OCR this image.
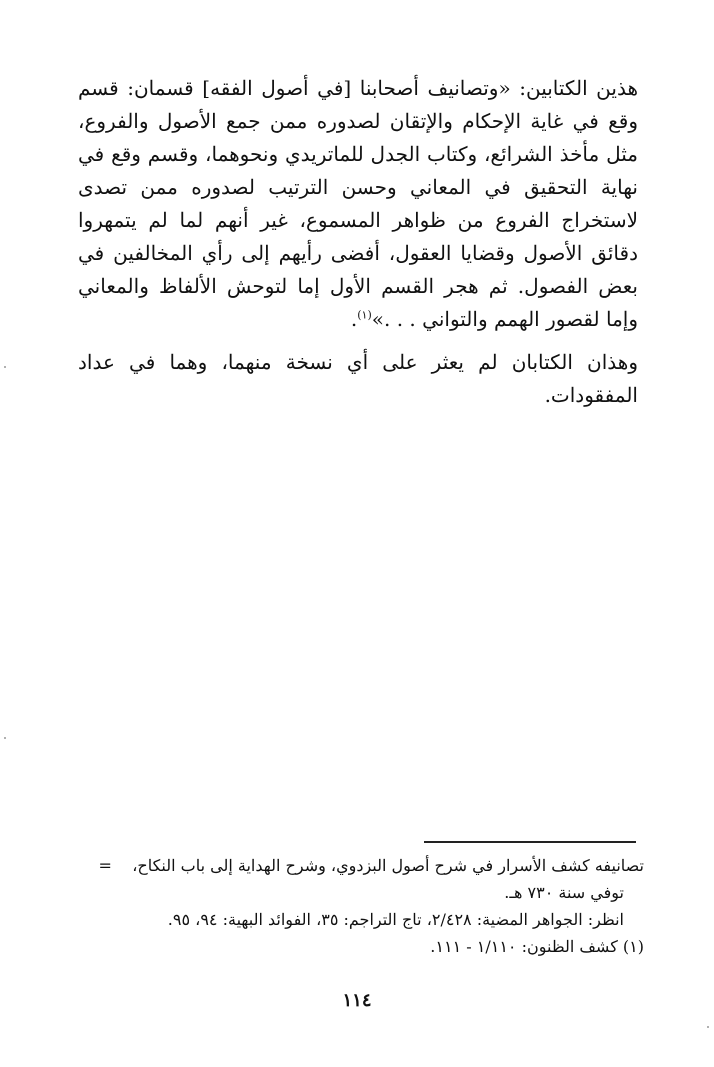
هذين الكتابين: «وتصانيف أصحابنا [في أصول الفقه] قسمان: قسم وقع في غاية الإحكام والإتقان لصدوره ممن جمع الأصول والفروع، مثل مأخذ الشرائع، وكتاب الجدل للماتريدي ونحوهما، وقسم وقع في نهاية التحقيق في المعاني وحسن الترتيب لصدوره ممن تصدى لاستخراج الفروع من ظواهر المسموع، غير أنهم لما لم يتمهروا دقائق الأصول وقضايا العقول، أفضى رأيهم إلى رأي المخالفين في بعض الفصول. ثم هجر القسم الأول إما لتوحش الألفاظ والمعاني وإما لقصور الهمم والتواني . . .»$^{(١)}$.

وهذان الكتابان لم يعثر على أي نسخة منهما، وهما في عداد المفقودات.

تصانيفه كشف الأسرار في شرح أصول البزدوي، وشرح الهداية إلى باب النكاح،    =
توفي سنة ٧٣٠ هـ.
انظر: الجواهر المضية: ٢/٤٢٨، تاج التراجم: ٣٥، الفوائد البهية: ٩٤، ٩٥.
(١) كشف الظنون: ١/١١٠ - ١١١.
١١٤
